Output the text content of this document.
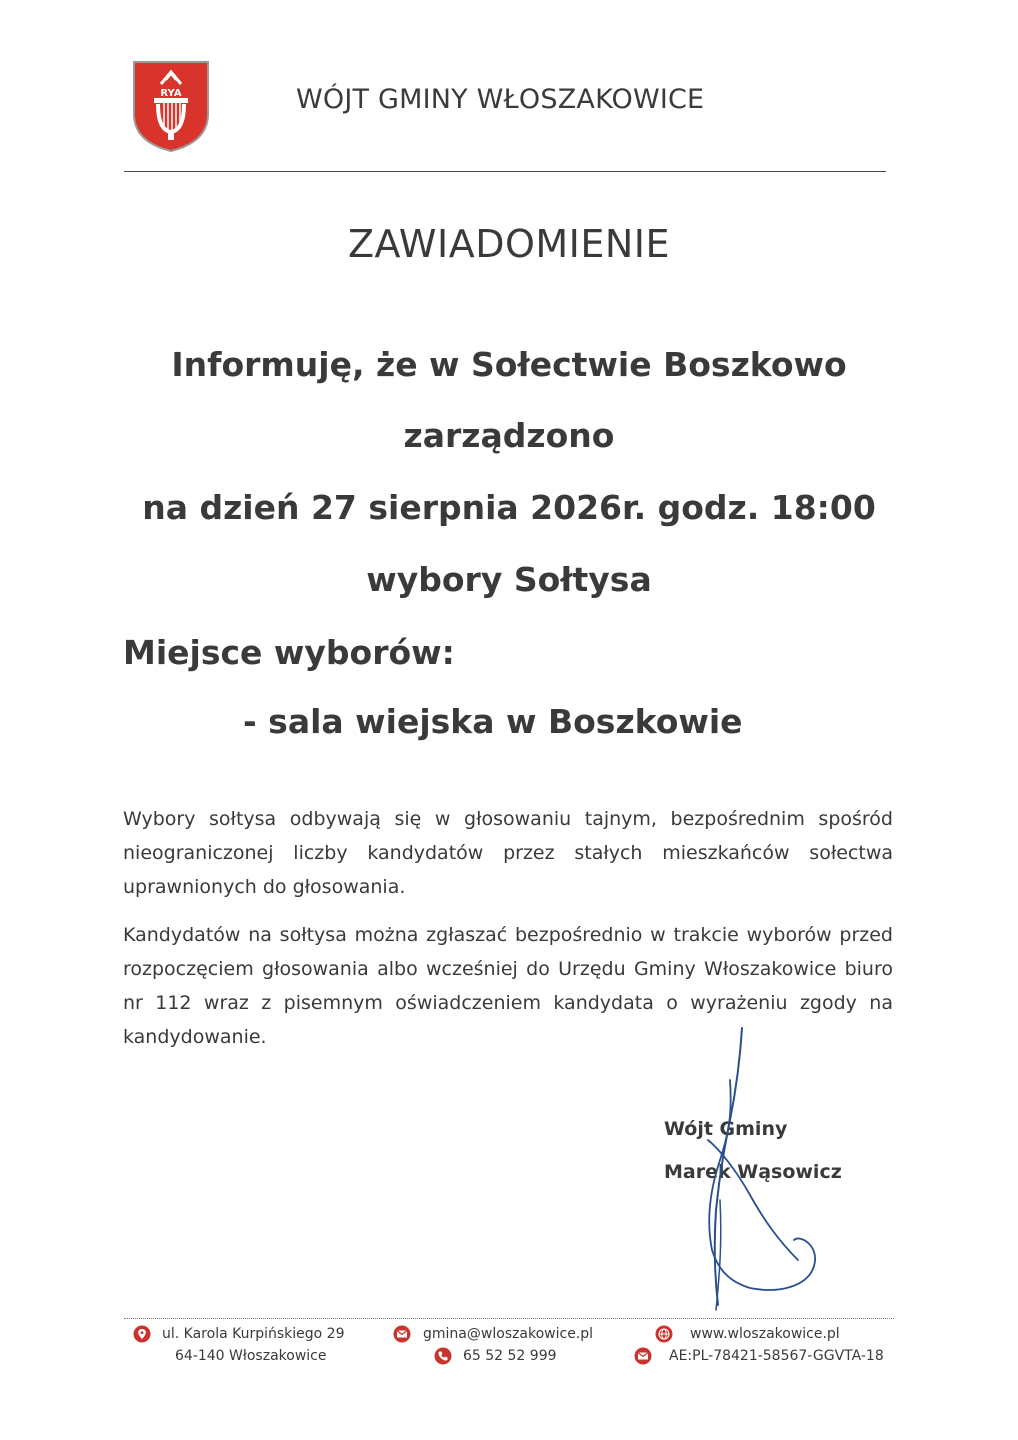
RYA	WÓJT GMINY WŁOSZAKOWICE
ZAWIADOMIENIE
Informuję, że w Sołectwie Boszkowo
zarządzono
na dzień 27 sierpnia 2026r. godz. 18:00
wybory Sołtysa
Miejsce wyborów:
- sala wiejska w Boszkowie
Wybory sołtysa odbywają się w głosowaniu tajnym, bezpośrednim spośród nieograniczonej liczby kandydatów przez stałych mieszkańców sołectwa uprawnionych do głosowania.
Kandydatów na sołtysa można zgłaszać bezpośrednio w trakcie wyborów przed rozpoczęciem głosowania albo wcześniej do Urzędu Gminy Włoszakowice biuro nr 112 wraz z pisemnym oświadczeniem kandydata o wyrażeniu zgody na kandydowanie.
Wójt Gminy
Marek Wąsowicz
ul. Karola Kurpińskiego 29
64-140 Włoszakowice
gmina@wloszakowice.pl
65 52 52 999
www.wloszakowice.pl
AE:PL-78421-58567-GGVTA-18
